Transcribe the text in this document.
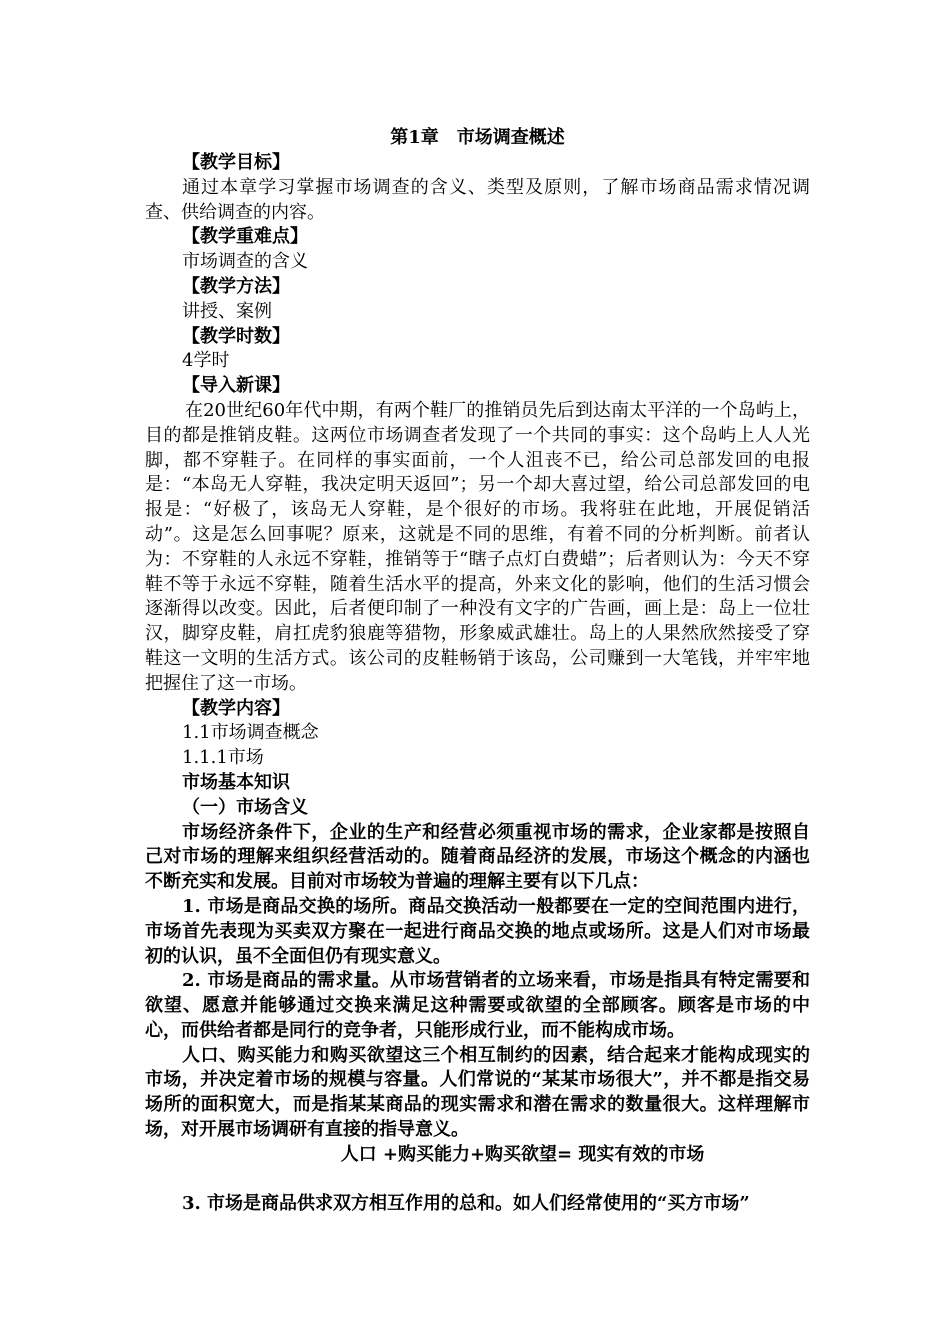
第1章　市场调查概述
【教学目标】

通过本章学习掌握市场调查的含义、类型及原则，了解市场商品需求情况调查、供给调查的内容。

【教学重难点】
市场调查的含义
【教学方法】
讲授、案例
【教学时数】
4学时
【导入新课】

在20世纪60年代中期，有两个鞋厂的推销员先后到达南太平洋的一个岛屿上，目的都是推销皮鞋。这两位市场调查者发现了一个共同的事实：这个岛屿上人人光脚，都不穿鞋子。在同样的事实面前，一个人沮丧不已，给公司总部发回的电报是：“本岛无人穿鞋，我决定明天返回”；另一个却大喜过望，给公司总部发回的电报是：“好极了，该岛无人穿鞋，是个很好的市场。我将驻在此地，开展促销活动”。这是怎么回事呢？原来，这就是不同的思维，有着不同的分析判断。前者认为：不穿鞋的人永远不穿鞋，推销等于“瞎子点灯白费蜡”；后者则认为：今天不穿鞋不等于永远不穿鞋，随着生活水平的提高，外来文化的影响，他们的生活习惯会逐渐得以改变。因此，后者便印制了一种没有文字的广告画，画上是：岛上一位壮汉，脚穿皮鞋，肩扛虎豹狼鹿等猎物，形象威武雄壮。岛上的人果然欣然接受了穿鞋这一文明的生活方式。该公司的皮鞋畅销于该岛，公司赚到一大笔钱，并牢牢地把握住了这一市场。

【教学内容】
1.1市场调查概念
1.1.1市场
市场基本知识
（一）市场含义

市场经济条件下，企业的生产和经营必须重视市场的需求，企业家都是按照自己对市场的理解来组织经营活动的。随着商品经济的发展，市场这个概念的内涵也不断充实和发展。目前对市场较为普遍的理解主要有以下几点：

1. 市场是商品交换的场所。商品交换活动一般都要在一定的空间范围内进行，市场首先表现为买卖双方聚在一起进行商品交换的地点或场所。这是人们对市场最初的认识，虽不全面但仍有现实意义。

2. 市场是商品的需求量。从市场营销者的立场来看，市场是指具有特定需要和欲望、愿意并能够通过交换来满足这种需要或欲望的全部顾客。顾客是市场的中心，而供给者都是同行的竞争者，只能形成行业，而不能构成市场。

人口、购买能力和购买欲望这三个相互制约的因素，结合起来才能构成现实的市场，并决定着市场的规模与容量。人们常说的“某某市场很大”，并不都是指交易场所的面积宽大，而是指某某商品的现实需求和潜在需求的数量很大。这样理解市场，对开展市场调研有直接的指导意义。

人口 +购买能力+购买欲望= 现实有效的市场

3. 市场是商品供求双方相互作用的总和。如人们经常使用的“买方市场”
